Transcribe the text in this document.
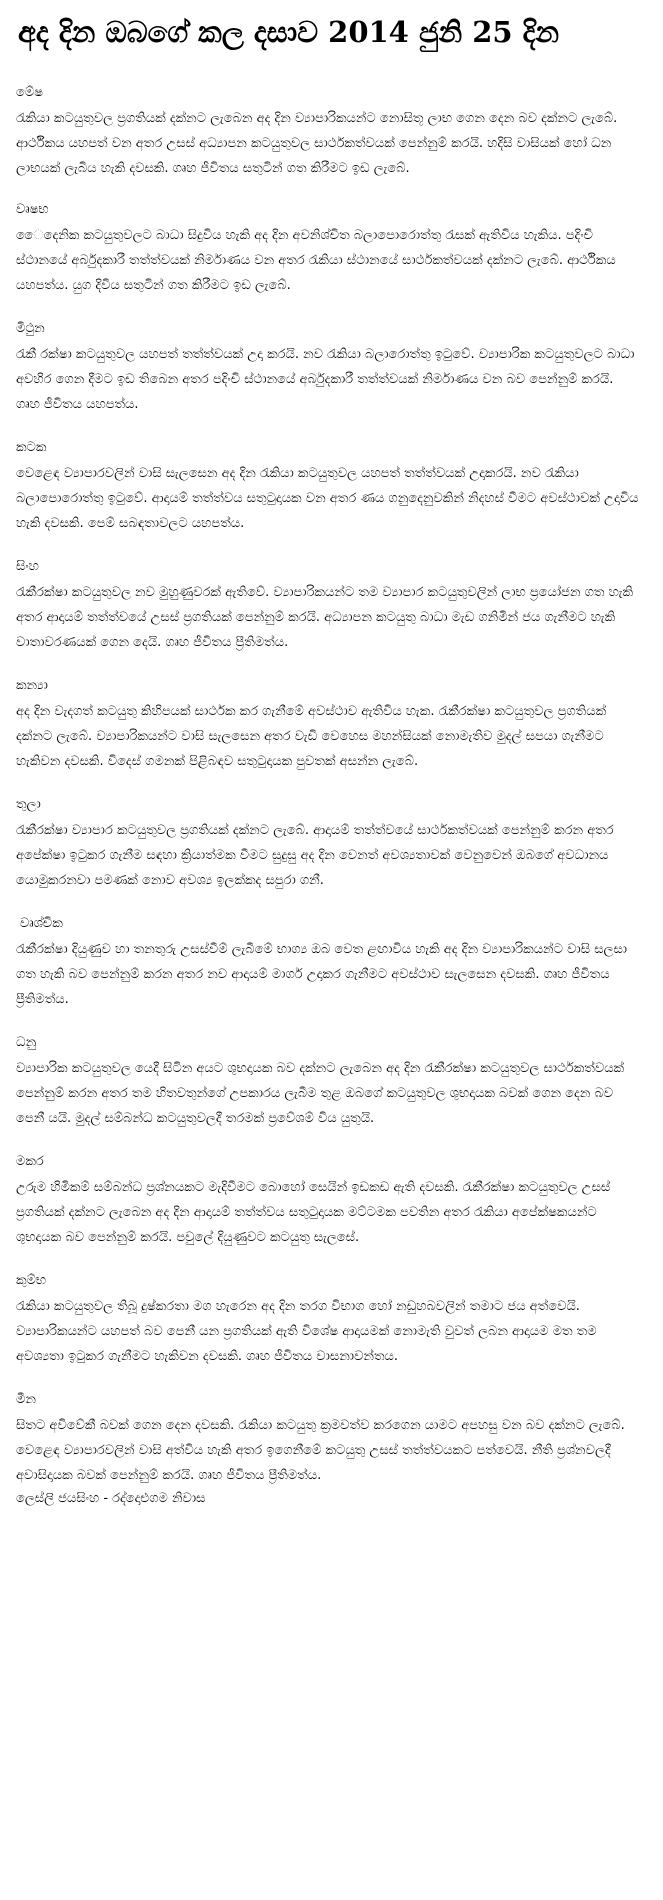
අද දින ඔබගේ කල දසාව 2014 ජුනි 25 දින
මේෂ
රැකියා කටයුතුවල ප්‍රගතියක් දක්නට ලැබෙන අද දින ව්‍යාපාරිකයන්ට නොසිතූ ලාභ ගෙන දෙන බව දක්නට ලැබේ. ආර්ථිකය යහපත් වන අතර උසස් අධ්‍යාපන කටයුතුවල සාර්ථකත්වයක් පෙන්නුම් කරයි. හදිසි වාසියක් හෝ ධන ලාභයක් ලැබිය හැකි දවසකි. ගෘහ ජීවිතය සතුටින් ගත කිරීමට ඉඩ ලැබේ.
වෘෂභ
ෛදෙනික කටයුතුවලට බාධා සිදුවිය හැකි අද දින අවනිශ්චිත බලාපොරොත්තු රැසක් ඇතිවිය හැකිය. පදිංචි ස්ථානයේ අර්බුදකාරී තත්ත්වයක් නිර්මාණය වන අතර රැකියා ස්ථානයේ සාර්ථකත්වයක් දක්නට ලැබේ. ආර්ථිකය යහපත්ය. යුග දිවිය සතුටින් ගත කිරීමට ඉඩ ලැබේ.
මිථුන
රැකී රක්ෂා කටයුතුවල යහපත් තත්ත්වයක් උදා කරයි. නව රැකියා බලාරොත්තු ඉටුවේ. ව්‍යාපාරික කටයුතුවලට බාධා අවහිර ගෙන දීමට ඉඩ තිබෙන අතර පදිංචි ස්ථානයේ අර්බුදකාරී තත්ත්වයක් නිර්මාණය වන බව පෙන්නුම් කරයි. ගෘහ ජීවිතය යහපත්ය.
කටක
වෙළෙඳ ව්‍යාපාරවලින් වාසි සැලසෙන අද දින රැකියා කටයුතුවල යහපත් තත්ත්වයක් උදාකරයි. නව රැකියා බලාපොරොත්තු ඉටුවේ. ආදායම් තත්ත්වය සතුටුදායක වන අතර ණය ගනුදෙනුවකින් නිදහස් වීමට අවස්ථාවක් උදාවිය හැකි දවසකි. පෙම් සබඳතාවලට යහපත්ය.
සිංහ
රැකීරක්ෂා කටයුතුවල නව මුහුණුවරක් ඇතිවේ. ව්‍යාපාරිකයන්ට තම ව්‍යාපාර කටයුතුවලින් ලාභ ප්‍රයෝජන ගත හැකි අතර ආදායම් තත්ත්වයේ උසස් ප්‍රගතියක් පෙන්නුම් කරයි. අධ්‍යාපන කටයුතු බාධා මැඩ ගනිමින් ජය ගැනීමට හැකි වාතාවරණයක් ගෙන දෙයි. ගෘහ ජීවිතය ප්‍රීතිමත්ය.
කන්‍යා
අද දින වැදගත් කටයුතු කිහිපයක් සාර්ථක කර ගැනීමේ අවස්ථාව ඇතිවිය හැක. රැකීරක්ෂා කටයුතුවල ප්‍රගතියක් දක්නට ලැබේ. ව්‍යාපාරිකයන්ට වාසි සැලසෙන අතර වැඩි වෙහෙස මහන්සියක් නොමැතිව මුදල් සපයා ගැනීමට හැකිවන දවසකි. විදෙස් ගමනක් පිළිබඳව සතුටුදායක පුවතක් අසන්න ලැබේ.
තුලා
රැකීරක්ෂා ව්‍යාපාර කටයුතුවල ප්‍රගතියක් දක්නට ලැබේ. ආදායම් තත්ත්වයේ සාර්ථකත්වයක් පෙන්නුම් කරන අතර අපේක්ෂා ඉටුකර ගැනීම සඳහා ක්‍රියාත්මක වීමට සුදුසු අද දින වෙනත් අවශ්‍යතාවක් වෙනුවෙන් ඔබගේ අවධානය යොමුකරනවා පමණක් නොව අවශ්‍ය ඉලක්කද සපුරා ගනී.
වෘශ්චික
රැකීරක්ෂා දියුණුව හා තනතුරු උසස්වීම් ලැබීමේ භාග්‍ය ඔබ වෙත ළඟාවිය හැකි අද දින ව්‍යාපාරිකයන්ට වාසි සලසා ගත හැකි බව පෙන්නුම් කරන අතර නව ආදායම් මාර්ග උදාකර ගැනීමට අවස්ථාව සැලසෙන දවසකි. ගෘහ ජීවිතය ප්‍රීතිමත්ය.
ධනු
ව්‍යාපාරික කටයුතුවල යෙදී සිටින අයට ශුභදායක බව දක්නට ලැබෙන අද දින රැකීරක්ෂා කටයුතුවල සාර්ථකත්වයක් පෙන්නුම් කරන අතර තම හිතවතුන්ගේ උපකාරය ලැබීම තුළ ඔබගේ කටයුතුවල ශුභදායක බවක් ගෙන දෙන බව පෙනී යයි. මුදල් සම්බන්ධ කටයුතුවලදී තරමක් ප්‍රවේශම් විය යුතුයි.
මකර
උරුම හිමිකම් සම්බන්ධ ප්‍රශ්නයකට මැදිවීමට බොහෝ සෙයින් ඉඩකඩ ඇති දවසකි. රැකීරක්ෂා කටයුතුවල උසස් ප්‍රගතියක් දක්නට ලැබෙන අද දින ආදායම් තත්ත්වය සතුටුදායක මට්ටමක පවතින අතර රැකියා අපේක්ෂකයන්ට ශුභදායක බව පෙන්නුම් කරයි. පවුලේ දියුණුවට කටයුතු සැලසේ.
කුම්භ
රැකියා කටයුතුවල තිබූ දුෂ්කරතා මග හැරෙන අද දින තරග විභාග හෝ නඩුහබවලින් තමාට ජය අත්වෙයි. ව්‍යාපාරිකයන්ට යහපත් බව පෙනී යන ප්‍රගතියක් ඇති විශේෂ ආදායමක් නොමැති වුවත් ලබන ආදායම මත තම අවශ්‍යතා ඉටුකර ගැනීමට හැකිවන දවසකි. ගෘහ ජීවිතය වාසනාවන්තය.
මීන
සිතට අවිවේකී බවක් ගෙන දෙන දවසකි. රැකියා කටයුතු ක්‍රමවත්ව කරගෙන යාමට අපහසු වන බව දක්නට ලැබේ. වෙළෙඳ ව්‍යාපාරවලින් වාසි අත්විය හැකි අතර ඉගෙනීමේ කටයුතු උසස් තත්ත්වයකට පත්වෙයි. නීති ප්‍රශ්නවලදී අවාසිදායක බවක් පෙන්නුම් කරයි. ගෘහ ජීවිතය ප්‍රීතිමත්ය.
ලෙස්ලි ජයසිංහ - රද්දොළුගම නිවාස
